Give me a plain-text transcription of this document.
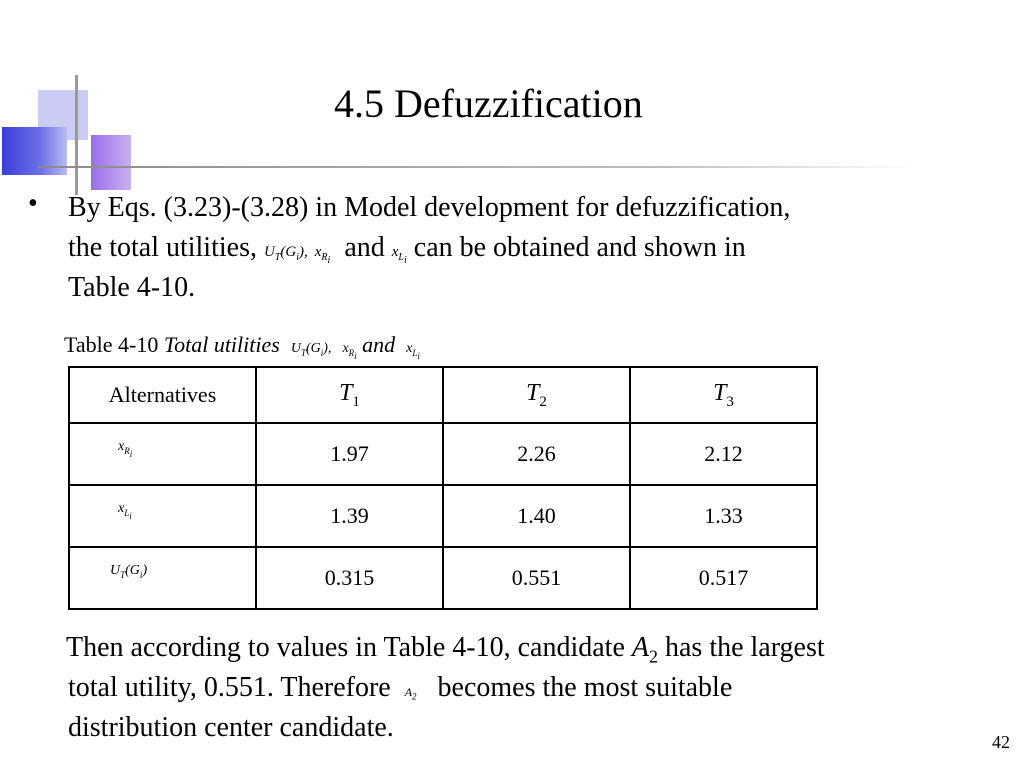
4.5 Defuzzification
• By Eqs. (3.23)-(3.28) in Model development for defuzzification,
the total utilities, $U_T(G_i)$, $x_{R_i}$ and $x_{L_i}$ can be obtained and shown in
Table 4-10.
Table 4-10 Total utilities $U_T(G_i)$, $x_{R_i}$ and $x_{L_i}$
Alternatives	$T_1$	$T_2$	$T_3$
$x_{R_i}$	1.97	2.26	2.12
$x_{L_i}$	1.39	1.40	1.33
$U_T(G_i)$	0.315	0.551	0.517
Then according to values in Table 4-10, candidate $A_2$ has the largest
total utility, 0.551. Therefore $A_2$ becomes the most suitable
distribution center candidate.	42
